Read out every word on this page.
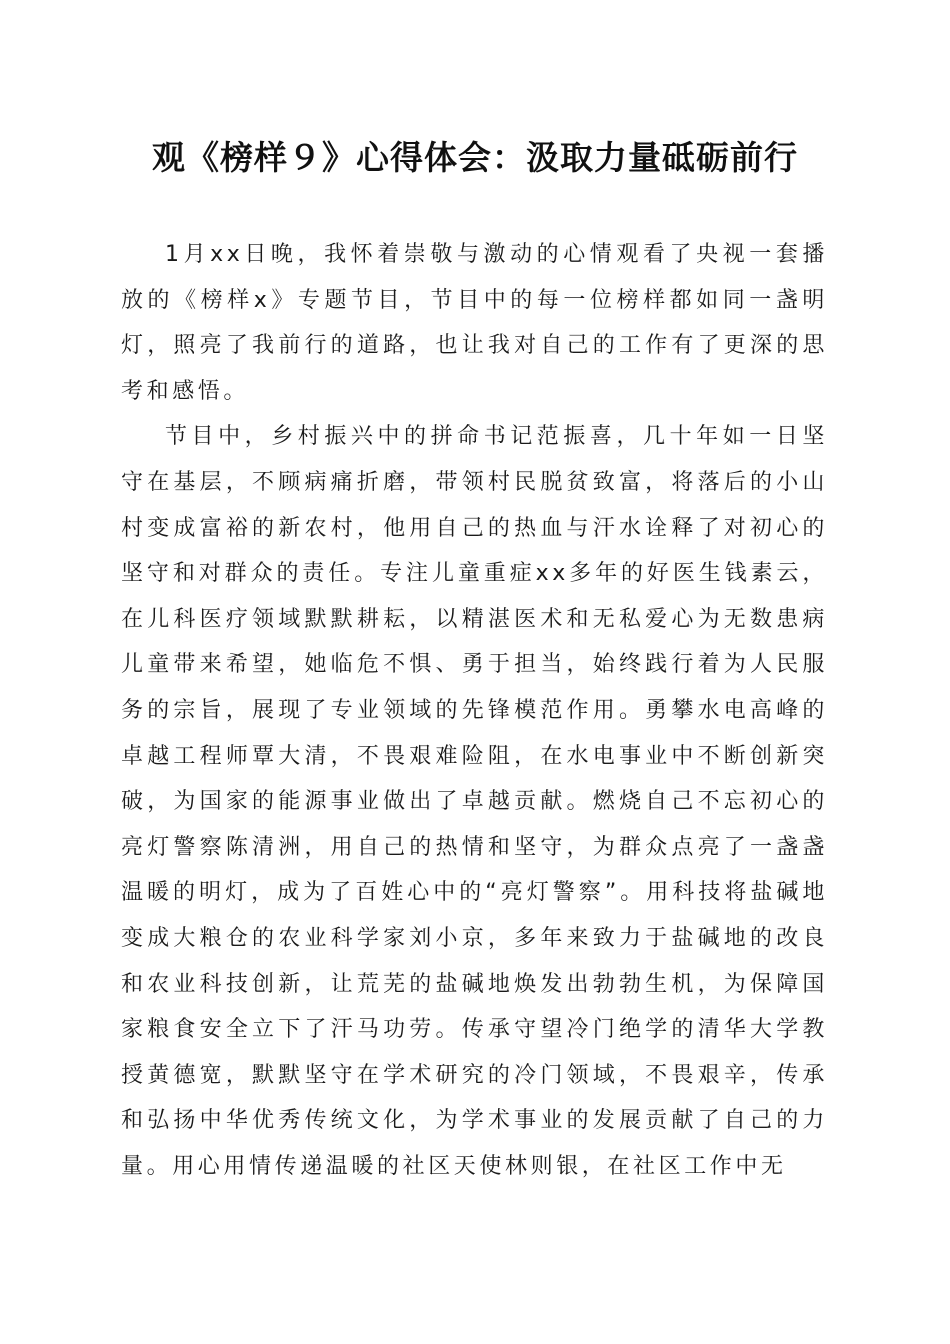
观《榜样９》心得体会：汲取力量砥砺前行

1月xx日晚，我怀着崇敬与激动的心情观看了央视一套播放的《榜样x》专题节目，节目中的每一位榜样都如同一盏明灯，照亮了我前行的道路，也让我对自己的工作有了更深的思考和感悟。

节目中，乡村振兴中的拼命书记范振喜，几十年如一日坚守在基层，不顾病痛折磨，带领村民脱贫致富，将落后的小山村变成富裕的新农村，他用自己的热血与汗水诠释了对初心的坚守和对群众的责任。专注儿童重症xx多年的好医生钱素云，在儿科医疗领域默默耕耘，以精湛医术和无私爱心为无数患病儿童带来希望，她临危不惧、勇于担当，始终践行着为人民服务的宗旨，展现了专业领域的先锋模范作用。勇攀水电高峰的卓越工程师覃大清，不畏艰难险阻，在水电事业中不断创新突破，为国家的能源事业做出了卓越贡献。燃烧自己不忘初心的亮灯警察陈清洲，用自己的热情和坚守，为群众点亮了一盏盏温暖的明灯，成为了百姓心中的“亮灯警察”。用科技将盐碱地变成大粮仓的农业科学家刘小京，多年来致力于盐碱地的改良和农业科技创新，让荒芜的盐碱地焕发出勃勃生机，为保障国家粮食安全立下了汗马功劳。传承守望冷门绝学的清华大学教授黄德宽，默默坚守在学术研究的冷门领域，不畏艰辛，传承和弘扬中华优秀传统文化，为学术事业的发展贡献了自己的力量。用心用情传递温暖的社区天使林则银，在社区工作中无
